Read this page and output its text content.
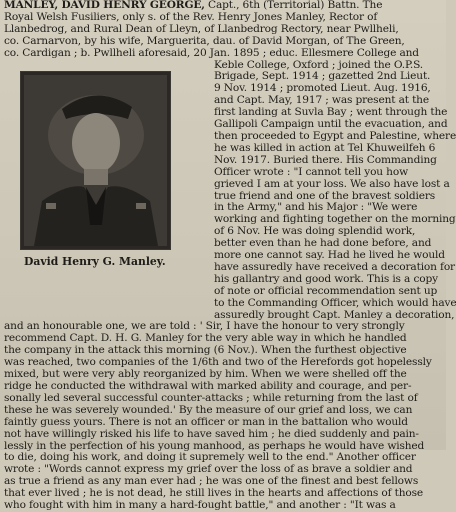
David Henry G. Manley.
MANLEY, DAVID HENRY GEORGE, Capt., 6th (Territorial) Battn. The
Royal Welsh Fusiliers, only s. of the Rev. Henry Jones Manley, Rector of
Llanbedrog, and Rural Dean of Lleyn, of Llanbedrog Rectory, near Pwllheli,
co. Carnarvon, by his wife, Marguerita, dau. of David Morgan, of The Green,
co. Cardigan ; b. Pwllheli aforesaid, 20 Jan. 1895 ; educ. Ellesmere College and
Keble College, Oxford ; joined the O.P.S.
Brigade, Sept. 1914 ; gazetted 2nd Lieut.
9 Nov. 1914 ; promoted Lieut. Aug. 1916,
and Capt. May, 1917 ; was present at the
first landing at Suvla Bay ; went through the
Gallipoli Campaign until the evacuation, and
then proceeded to Egypt and Palestine, where
he was killed in action at Tel Khuweilfeh 6
Nov. 1917. Buried there. His Commanding
Officer wrote : "I cannot tell you how
grieved I am at your loss. We also have lost a
true friend and one of the bravest soldiers
in the Army," and his Major : "We were
working and fighting together on the morning
of 6 Nov. He was doing splendid work,
better even than he had done before, and
more one cannot say. Had he lived he would
have assuredly have received a decoration for
his gallantry and good work. This is a copy
of note or official recommendation sent up
to the Commanding Officer, which would have
assuredly brought Capt. Manley a decoration,
and an honourable one, we are told : ' Sir, I have the honour to very strongly
recommend Capt. D. H. G. Manley for the very able way in which he handled
the company in the attack this morning (6 Nov.). When the furthest objective
was reached, two companies of the 1/6th and two of the Herefords got hopelessly
mixed, but were very ably reorganized by him. When we were shelled off the
ridge he conducted the withdrawal with marked ability and courage, and per-
sonally led several successful counter-attacks ; while returning from the last of
these he was severely wounded.' By the measure of our grief and loss, we can
faintly guess yours. There is not an officer or man in the battalion who would
not have willingly risked his life to have saved him ; he died suddenly and pain-
lessly in the perfection of his young manhood, as perhaps he would have wished
to die, doing his work, and doing it supremely well to the end." Another officer
wrote : "Words cannot express my grief over the loss of as brave a soldier and
as true a friend as any man ever had ; he was one of the finest and best fellows
that ever lived ; he is not dead, he still lives in the hearts and affections of those
who fought with him in many a hard-fought battle," and another : "It was a
